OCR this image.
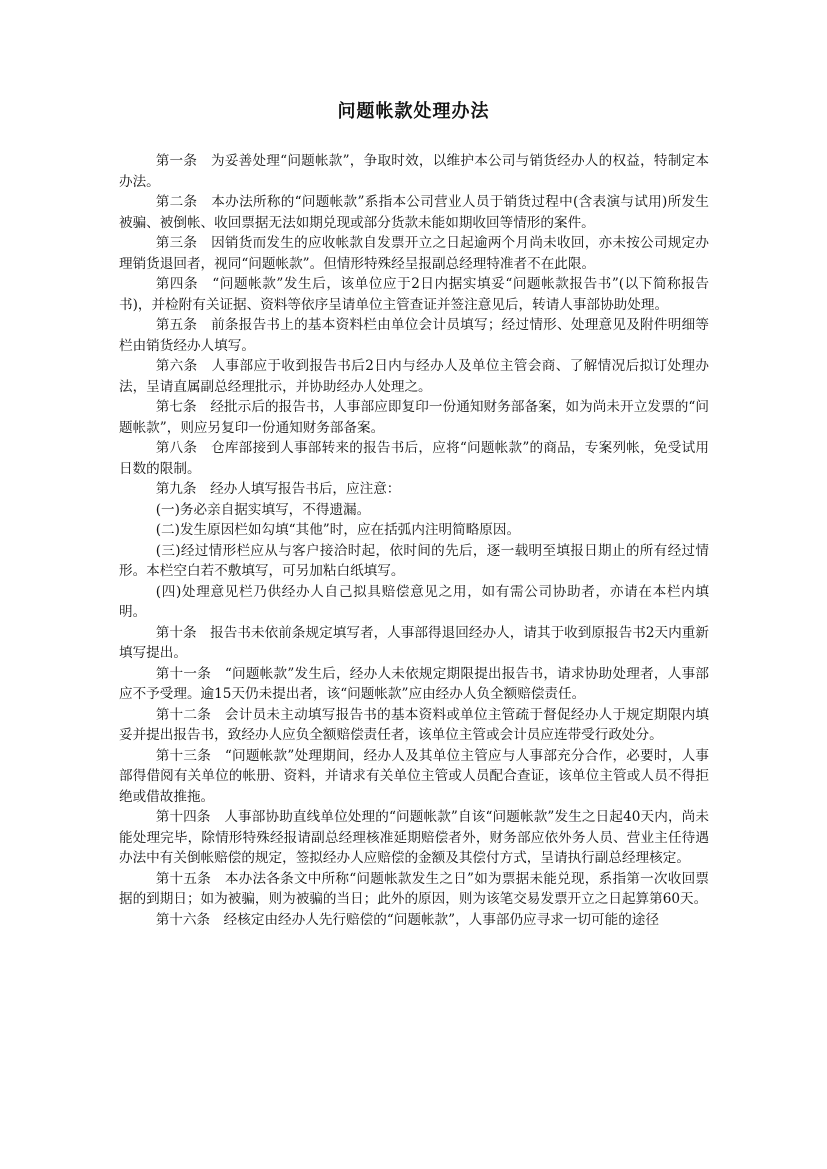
问题帐款处理办法

第一条　为妥善处理“问题帐款”，争取时效，以维护本公司与销货经办人的权益，特制定本办法。

第二条　本办法所称的“问题帐款”系指本公司营业人员于销货过程中(含表演与试用)所发生被骗、被倒帐、收回票据无法如期兑现或部分货款未能如期收回等情形的案件。

第三条　因销货而发生的应收帐款自发票开立之日起逾两个月尚未收回，亦未按公司规定办理销货退回者，视同“问题帐款”。但情形特殊经呈报副总经理特准者不在此限。

第四条　“问题帐款”发生后，该单位应于2日内据实填妥“问题帐款报告书”(以下简称报告书)，并检附有关证据、资料等依序呈请单位主管查证并签注意见后，转请人事部协助处理。

第五条　前条报告书上的基本资料栏由单位会计员填写；经过情形、处理意见及附件明细等栏由销货经办人填写。

第六条　人事部应于收到报告书后2日内与经办人及单位主管会商、了解情况后拟订处理办法，呈请直属副总经理批示，并协助经办人处理之。

第七条　经批示后的报告书，人事部应即复印一份通知财务部备案，如为尚未开立发票的“问题帐款”，则应另复印一份通知财务部备案。

第八条　仓库部接到人事部转来的报告书后，应将“问题帐款”的商品，专案列帐，免受试用日数的限制。

第九条　经办人填写报告书后，应注意：

(一)务必亲自据实填写，不得遗漏。

(二)发生原因栏如勾填“其他”时，应在括弧内注明简略原因。

(三)经过情形栏应从与客户接洽时起，依时间的先后，逐一载明至填报日期止的所有经过情形。本栏空白若不敷填写，可另加粘白纸填写。

(四)处理意见栏乃供经办人自己拟具赔偿意见之用，如有需公司协助者，亦请在本栏内填明。

第十条　报告书未依前条规定填写者，人事部得退回经办人，请其于收到原报告书2天内重新填写提出。

第十一条　“问题帐款”发生后，经办人未依规定期限提出报告书，请求协助处理者，人事部应不予受理。逾15天仍未提出者，该“问题帐款”应由经办人负全额赔偿责任。

第十二条　会计员未主动填写报告书的基本资料或单位主管疏于督促经办人于规定期限内填妥并提出报告书，致经办人应负全额赔偿责任者，该单位主管或会计员应连带受行政处分。

第十三条　“问题帐款”处理期间，经办人及其单位主管应与人事部充分合作，必要时，人事部得借阅有关单位的帐册、资料，并请求有关单位主管或人员配合查证，该单位主管或人员不得拒绝或借故推拖。

第十四条　人事部协助直线单位处理的“问题帐款”自该“问题帐款”发生之日起40天内，尚未能处理完毕，除情形特殊经报请副总经理核准延期赔偿者外，财务部应依外务人员、营业主任待遇办法中有关倒帐赔偿的规定，签拟经办人应赔偿的金额及其偿付方式，呈请执行副总经理核定。

第十五条　本办法各条文中所称“问题帐款发生之日”如为票据未能兑现，系指第一次收回票据的到期日；如为被骗，则为被骗的当日；此外的原因，则为该笔交易发票开立之日起算第60天。

第十六条　经核定由经办人先行赔偿的“问题帐款”，人事部仍应寻求一切可能的途径
